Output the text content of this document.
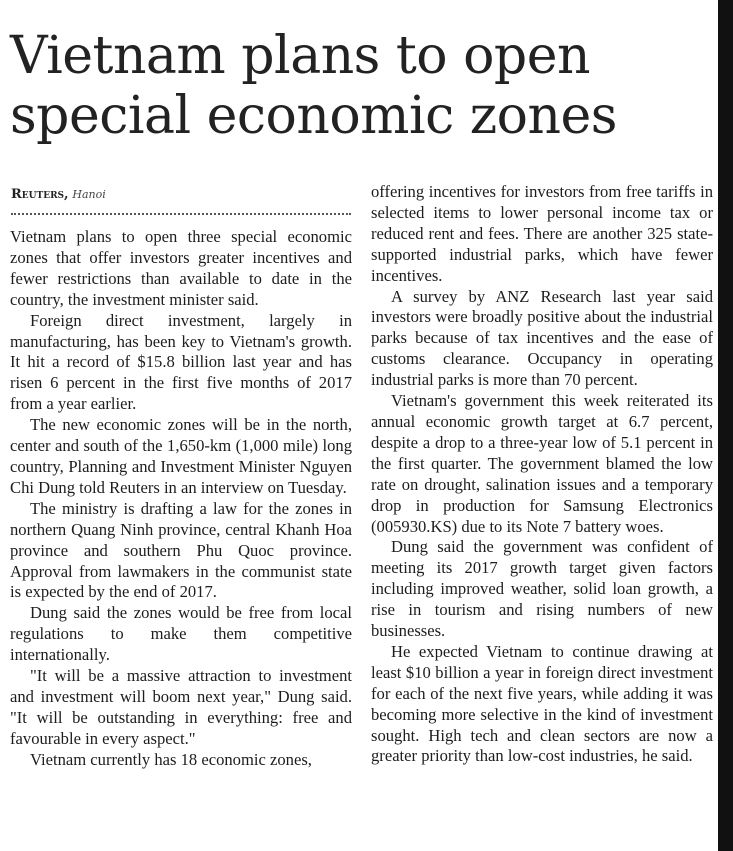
Vietnam plans to open
special economic zones
Reuters, Hanoi

Vietnam plans to open three special economic zones that offer investors greater incentives and fewer restrictions than available to date in the country, the investment minister said.

Foreign direct investment, largely in manufacturing, has been key to Vietnam's growth. It hit a record of $15.8 billion last year and has risen 6 percent in the first five months of 2017 from a year earlier.

The new economic zones will be in the north, center and south of the 1,650-km (1,000 mile) long country, Planning and Investment Minister Nguyen Chi Dung told Reuters in an interview on Tuesday.

The ministry is drafting a law for the zones in northern Quang Ninh province, central Khanh Hoa province and southern Phu Quoc province. Approval from lawmakers in the communist state is expected by the end of 2017.

Dung said the zones would be free from local regulations to make them competitive internationally.

"It will be a massive attraction to investment and investment will boom next year," Dung said. "It will be outstanding in everything: free and favourable in every aspect."

Vietnam currently has 18 economic zones,

offering incentives for investors from free tariffs in selected items to lower personal income tax or reduced rent and fees. There are another 325 state-supported industrial parks, which have fewer incentives.

A survey by ANZ Research last year said investors were broadly positive about the industrial parks because of tax incentives and the ease of customs clearance. Occupancy in operating industrial parks is more than 70 percent.

Vietnam's government this week reiterated its annual economic growth target at 6.7 percent, despite a drop to a three-year low of 5.1 percent in the first quarter. The government blamed the low rate on drought, salination issues and a temporary drop in production for Samsung Electronics (005930.KS) due to its Note 7 battery woes.

Dung said the government was confident of meeting its 2017 growth target given factors including improved weather, solid loan growth, a rise in tourism and rising numbers of new businesses.

He expected Vietnam to continue drawing at least $10 billion a year in foreign direct investment for each of the next five years, while adding it was becoming more selective in the kind of investment sought. High tech and clean sectors are now a greater priority than low-cost industries, he said.
